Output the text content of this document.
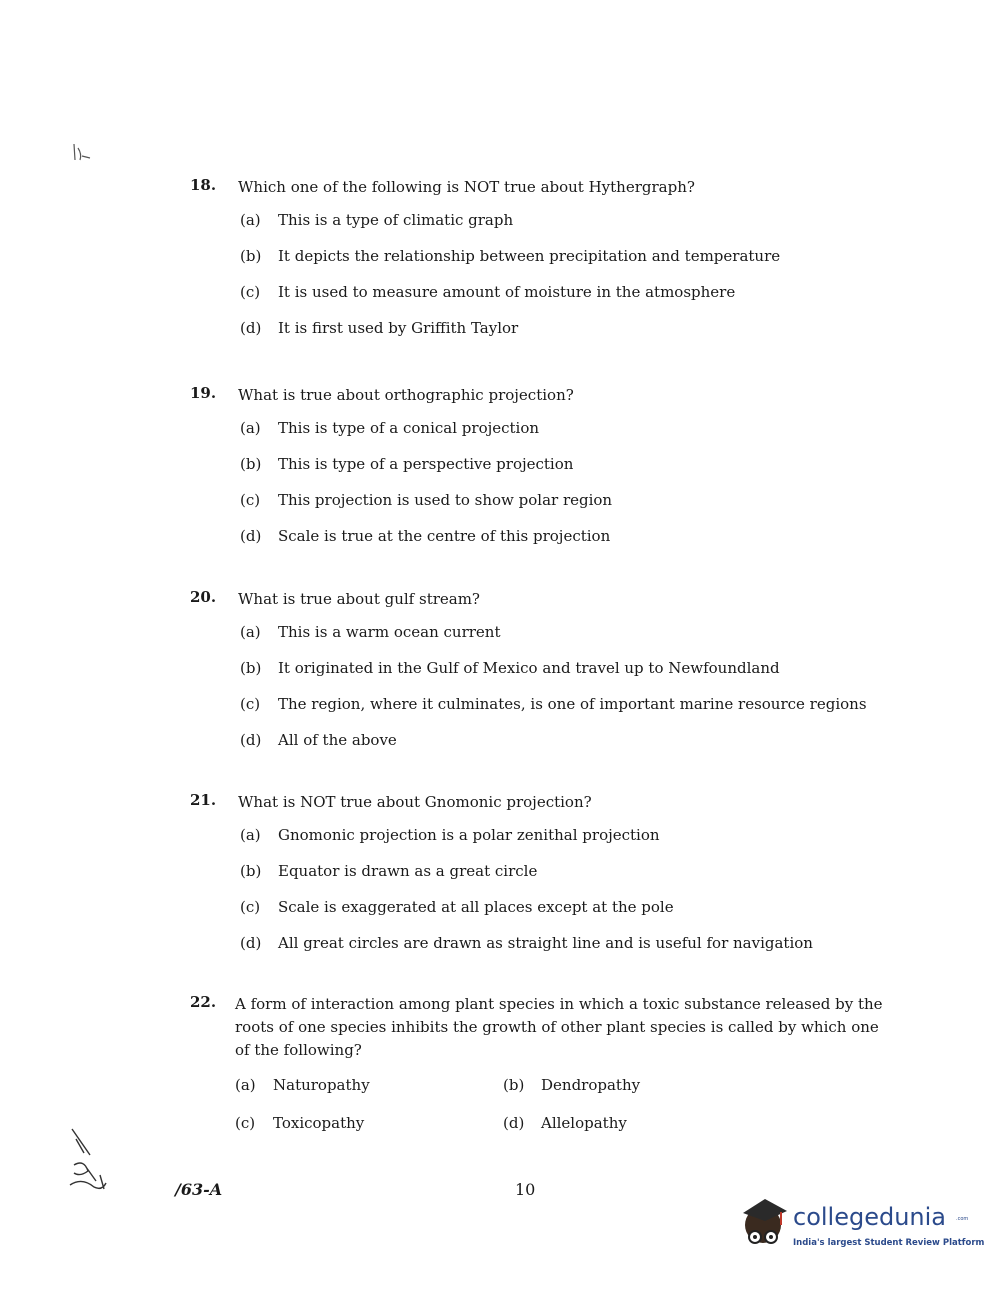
18. Which one of the following is NOT true about Hythergraph?
(a)	This is a type of climatic graph
(b)	It depicts the relationship between precipitation and temperature
(c)	It is used to measure amount of moisture in the atmosphere
(d)	It is first used by Griffith Taylor
19. What is true about orthographic projection?
(a)	This is type of a conical projection
(b)	This is type of a perspective projection
(c)	This projection is used to show polar region
(d)	Scale is true at the centre of this projection
20. What is true about gulf stream?
(a)	This is a warm ocean current
(b)	It originated in the Gulf of Mexico and travel up to Newfoundland
(c)	The region, where it culminates, is one of important marine resource regions
(d)	All of the above
21. What is NOT true about Gnomonic projection?
(a)	Gnomonic projection is a polar zenithal projection
(b)	Equator is drawn as a great circle
(c)	Scale is exaggerated at all places except at the pole
(d)	All great circles are drawn as straight line and is useful for navigation
22. A form of interaction among plant species in which a toxic substance released by the roots of one species inhibits the growth of other plant species is called by which one of the following?
(a)	Naturopathy	(b)	Dendropathy
(c)	Toxicopathy	(d)	Allelopathy
/63-A	10
collegedunia .com
India's largest Student Review Platform
